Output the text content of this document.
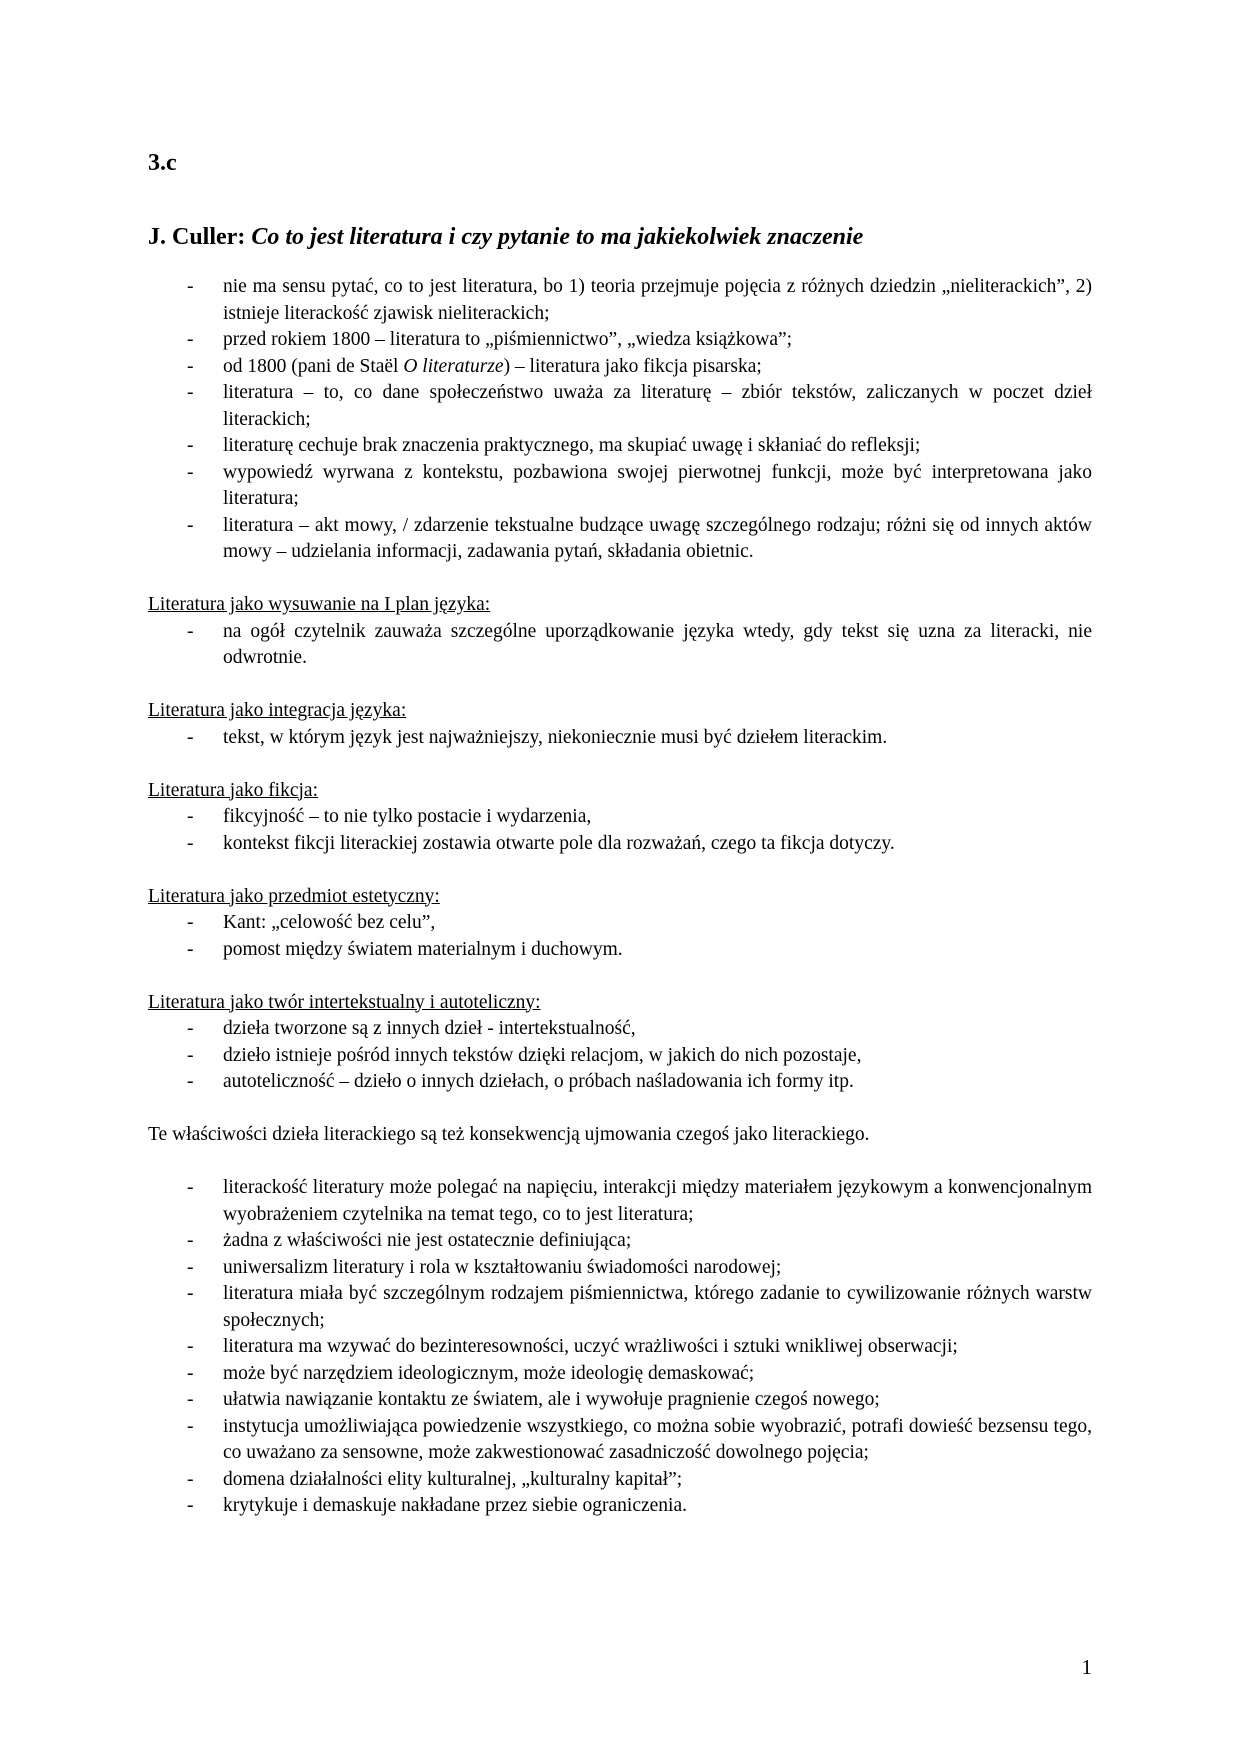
3.c

J. Culler: Co to jest literatura i czy pytanie to ma jakiekolwiek znaczenie
- nie ma sensu pytać, co to jest literatura, bo 1) teoria przejmuje pojęcia z różnych dziedzin „nieliterackich”, 2) istnieje literackość zjawisk nieliterackich;
- przed rokiem 1800 – literatura to „piśmiennictwo”, „wiedza książkowa”;
- od 1800 (pani de Staël O literaturze) – literatura jako fikcja pisarska;
- literatura – to, co dane społeczeństwo uważa za literaturę – zbiór tekstów, zaliczanych w poczet dzieł literackich;
- literaturę cechuje brak znaczenia praktycznego, ma skupiać uwagę i skłaniać do refleksji;
- wypowiedź wyrwana z kontekstu, pozbawiona swojej pierwotnej funkcji, może być interpretowana jako literatura;
- literatura – akt mowy, / zdarzenie tekstualne budzące uwagę szczególnego rodzaju; różni się od innych aktów mowy – udzielania informacji, zadawania pytań, składania obietnic.

Literatura jako wysuwanie na I plan języka:

- na ogół czytelnik zauważa szczególne uporządkowanie języka wtedy, gdy tekst się uzna za literacki, nie odwrotnie.

Literatura jako integracja języka:

- tekst, w którym język jest najważniejszy, niekoniecznie musi być dziełem literackim.

Literatura jako fikcja:

- fikcyjność – to nie tylko postacie i wydarzenia,
- kontekst fikcji literackiej zostawia otwarte pole dla rozważań, czego ta fikcja dotyczy.

Literatura jako przedmiot estetyczny:

- Kant: „celowość bez celu”,
- pomost między światem materialnym i duchowym.

Literatura jako twór intertekstualny i autoteliczny:

- dzieła tworzone są z innych dzieł - intertekstualność,
- dzieło istnieje pośród innych tekstów dzięki relacjom, w jakich do nich pozostaje,
- autoteliczność – dzieło o innych dziełach, o próbach naśladowania ich formy itp.

Te właściwości dzieła literackiego są też konsekwencją ujmowania czegoś jako literackiego.

- literackość literatury może polegać na napięciu, interakcji między materiałem językowym a konwencjonalnym wyobrażeniem czytelnika na temat tego, co to jest literatura;
- żadna z właściwości nie jest ostatecznie definiująca;
- uniwersalizm literatury i rola w kształtowaniu świadomości narodowej;
- literatura miała być szczególnym rodzajem piśmiennictwa, którego zadanie to cywilizowanie różnych warstw społecznych;
- literatura ma wzywać do bezinteresowności, uczyć wrażliwości i sztuki wnikliwej obserwacji;
- może być narzędziem ideologicznym, może ideologię demaskować;
- ułatwia nawiązanie kontaktu ze światem, ale i wywołuje pragnienie czegoś nowego;
- instytucja umożliwiająca powiedzenie wszystkiego, co można sobie wyobrazić, potrafi dowieść bezsensu tego, co uważano za sensowne, może zakwestionować zasadniczość dowolnego pojęcia;
- domena działalności elity kulturalnej, „kulturalny kapitał”;
- krytykuje i demaskuje nakładane przez siebie ograniczenia.
1
